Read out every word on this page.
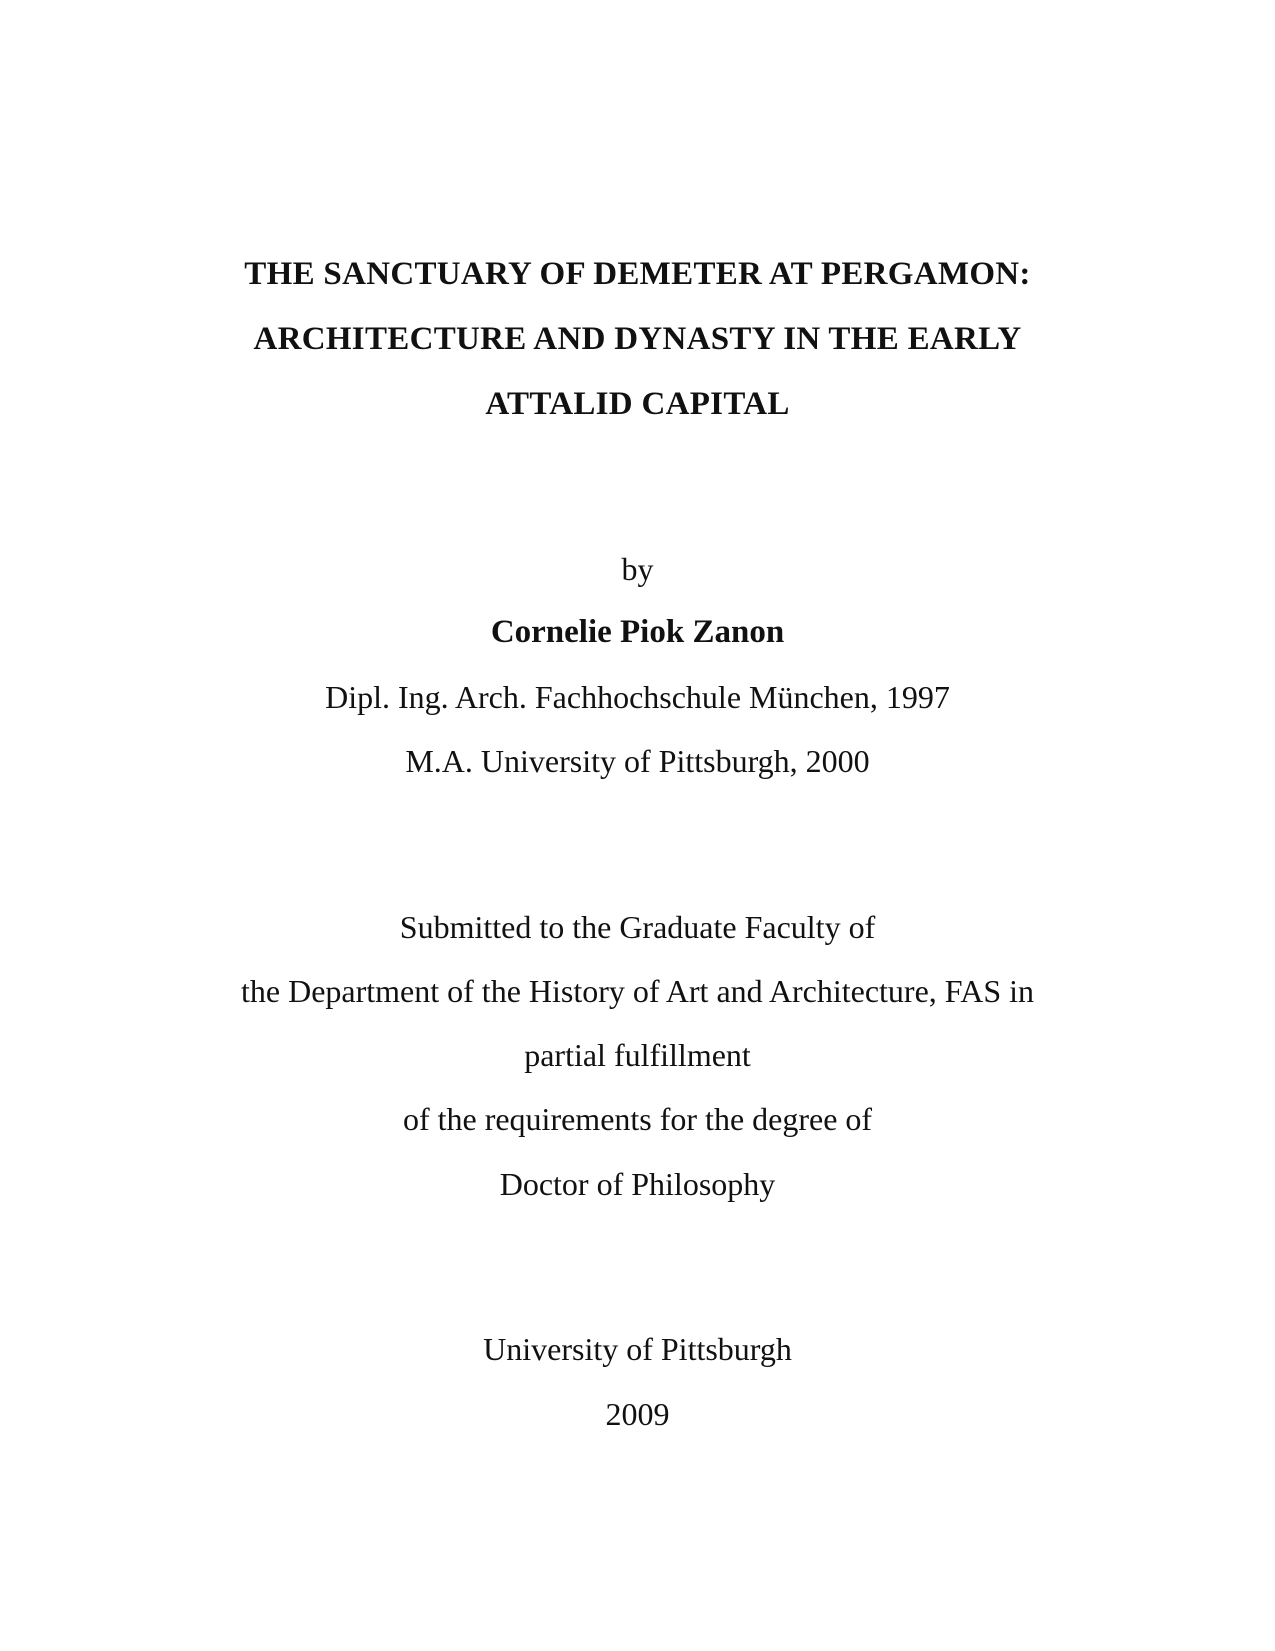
THE SANCTUARY OF DEMETER AT PERGAMON:
ARCHITECTURE AND DYNASTY IN THE EARLY
ATTALID CAPITAL
by
Cornelie Piok Zanon
Dipl. Ing. Arch. Fachhochschule München, 1997
M.A. University of Pittsburgh, 2000
Submitted to the Graduate Faculty of
the Department of the History of Art and Architecture, FAS in
partial fulfillment
of the requirements for the degree of
Doctor of Philosophy
University of Pittsburgh
2009
